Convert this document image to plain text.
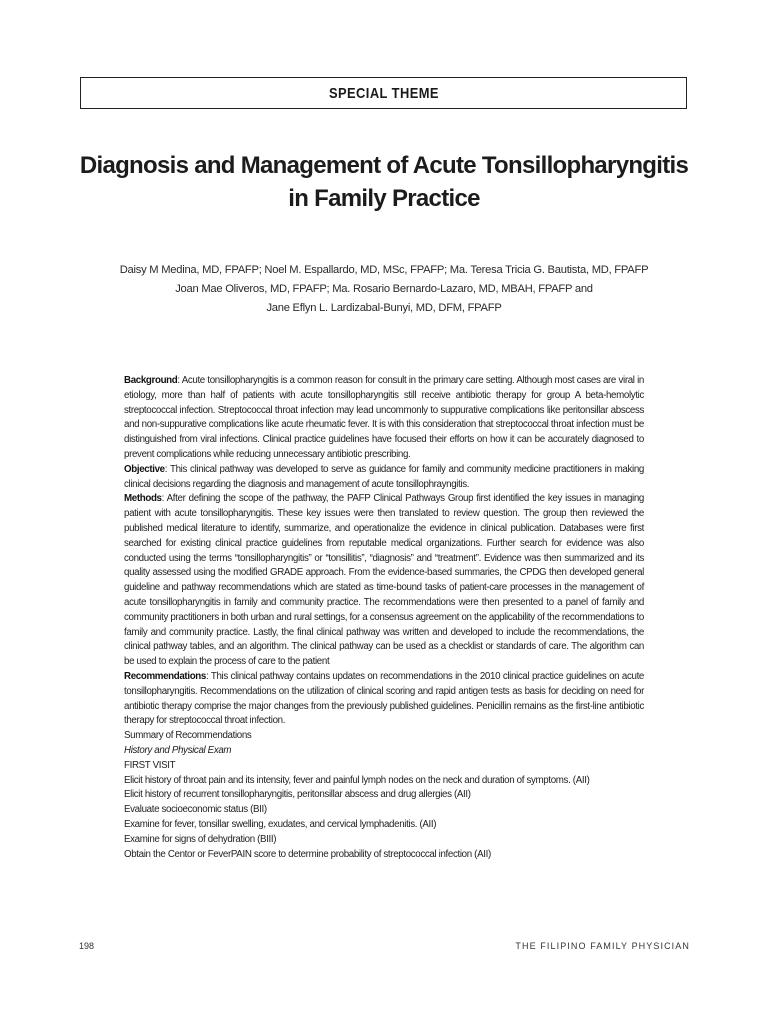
SPECIAL THEME
Diagnosis and Management of Acute Tonsillopharyngitis in Family Practice
Daisy M Medina, MD, FPAFP; Noel M. Espallardo, MD, MSc, FPAFP; Ma. Teresa Tricia G. Bautista, MD, FPAFP
Joan Mae Oliveros, MD, FPAFP; Ma. Rosario Bernardo-Lazaro, MD, MBAH, FPAFP and
Jane Eflyn L. Lardizabal-Bunyi, MD, DFM, FPAFP

Background: Acute tonsillopharyngitis is a common reason for consult in the primary care setting. Although most cases are viral in etiology, more than half of patients with acute tonsillopharyngitis still receive antibiotic therapy for group A beta-hemolytic streptococcal infection. Streptococcal throat infection may lead uncommonly to suppurative complications like peritonsillar abscess and non-suppurative complications like acute rheumatic fever. It is with this consideration that streptococcal throat infection must be distinguished from viral infections. Clinical practice guidelines have focused their efforts on how it can be accurately diagnosed to prevent complications while reducing unnecessary antibiotic prescribing.

Objective: This clinical pathway was developed to serve as guidance for family and community medicine practitioners in making clinical decisions regarding the diagnosis and management of acute tonsillophrayngitis.

Methods: After defining the scope of the pathway, the PAFP Clinical Pathways Group first identified the key issues in managing patient with acute tonsillopharyngitis. These key issues were then translated to review question. The group then reviewed the published medical literature to identify, summarize, and operationalize the evidence in clinical publication. Databases were first searched for existing clinical practice guidelines from reputable medical organizations. Further search for evidence was also conducted using the terms “tonsillopharyngitis” or “tonsillitis”, “diagnosis” and “treatment”. Evidence was then summarized and its quality assessed using the modified GRADE approach. From the evidence-based summaries, the CPDG then developed general guideline and pathway recommendations which are stated as time-bound tasks of patient-care processes in the management of acute tonsillopharyngitis in family and community practice. The recommendations were then presented to a panel of family and community practitioners in both urban and rural settings, for a consensus agreement on the applicability of the recommendations to family and community practice. Lastly, the final clinical pathway was written and developed to include the recommendations, the clinical pathway tables, and an algorithm. The clinical pathway can be used as a checklist or standards of care. The algorithm can be used to explain the process of care to the patient

Recommendations: This clinical pathway contains updates on recommendations in the 2010 clinical practice guidelines on acute tonsillopharyngitis. Recommendations on the utilization of clinical scoring and rapid antigen tests as basis for deciding on need for antibiotic therapy comprise the major changes from the previously published guidelines. Penicillin remains as the first-line antibiotic therapy for streptococcal throat infection.

Summary of Recommendations

History and Physical Exam

FIRST VISIT

Elicit history of throat pain and its intensity, fever and painful lymph nodes on the neck and duration of symptoms. (AII)

Elicit history of recurrent tonsillopharyngitis, peritonsillar abscess and drug allergies (AII)

Evaluate socioeconomic status (BII)

Examine for fever, tonsillar swelling, exudates, and cervical lymphadenitis. (AII)

Examine for signs of dehydration (BIII)

Obtain the Centor or FeverPAIN score to determine probability of streptococcal infection (AII)

198	THE FILIPINO FAMILY PHYSICIAN
